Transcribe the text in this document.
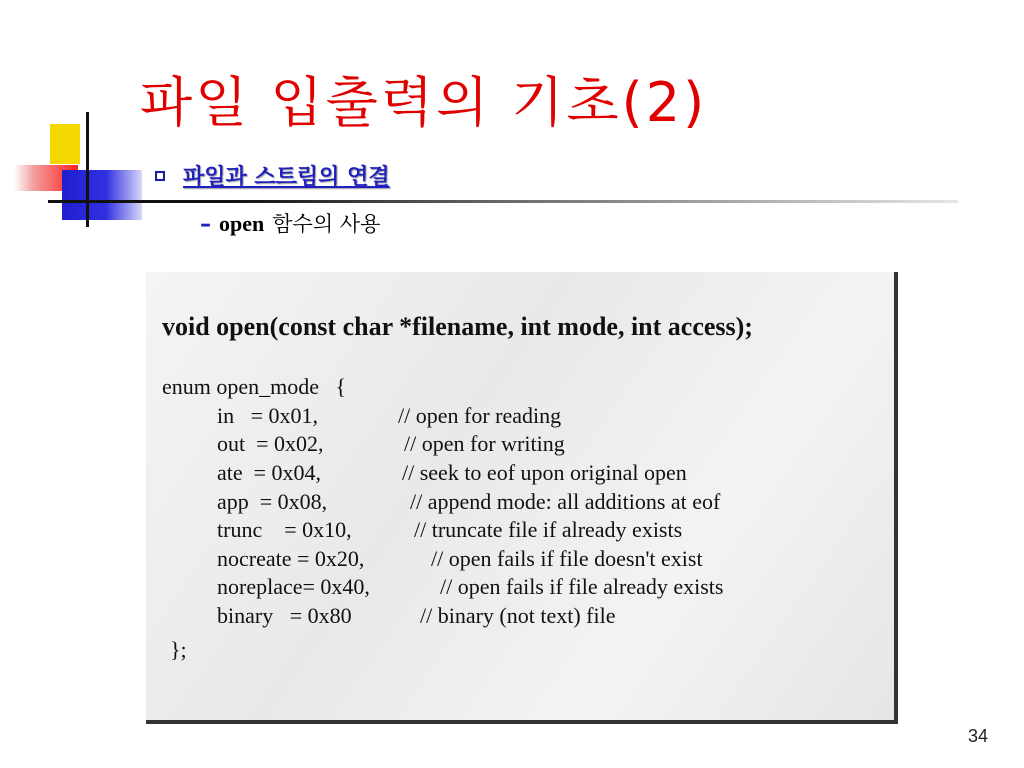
파일 입출력의 기초(2)
파일과 스트림의 연결
– open 함수의 사용

void open(const char *filename, int mode, int access);

enum open_mode   {

in   = 0x01,	// open for reading

out  = 0x02,	// open for writing

ate  = 0x04,	// seek to eof upon original open

app  = 0x08,	// append mode: all additions at eof

trunc    = 0x10,	// truncate file if already exists

nocreate = 0x20,	// open fails if file doesn't exist

noreplace= 0x40,	// open fails if file already exists

binary   = 0x80	// binary (not text) file

};

34
